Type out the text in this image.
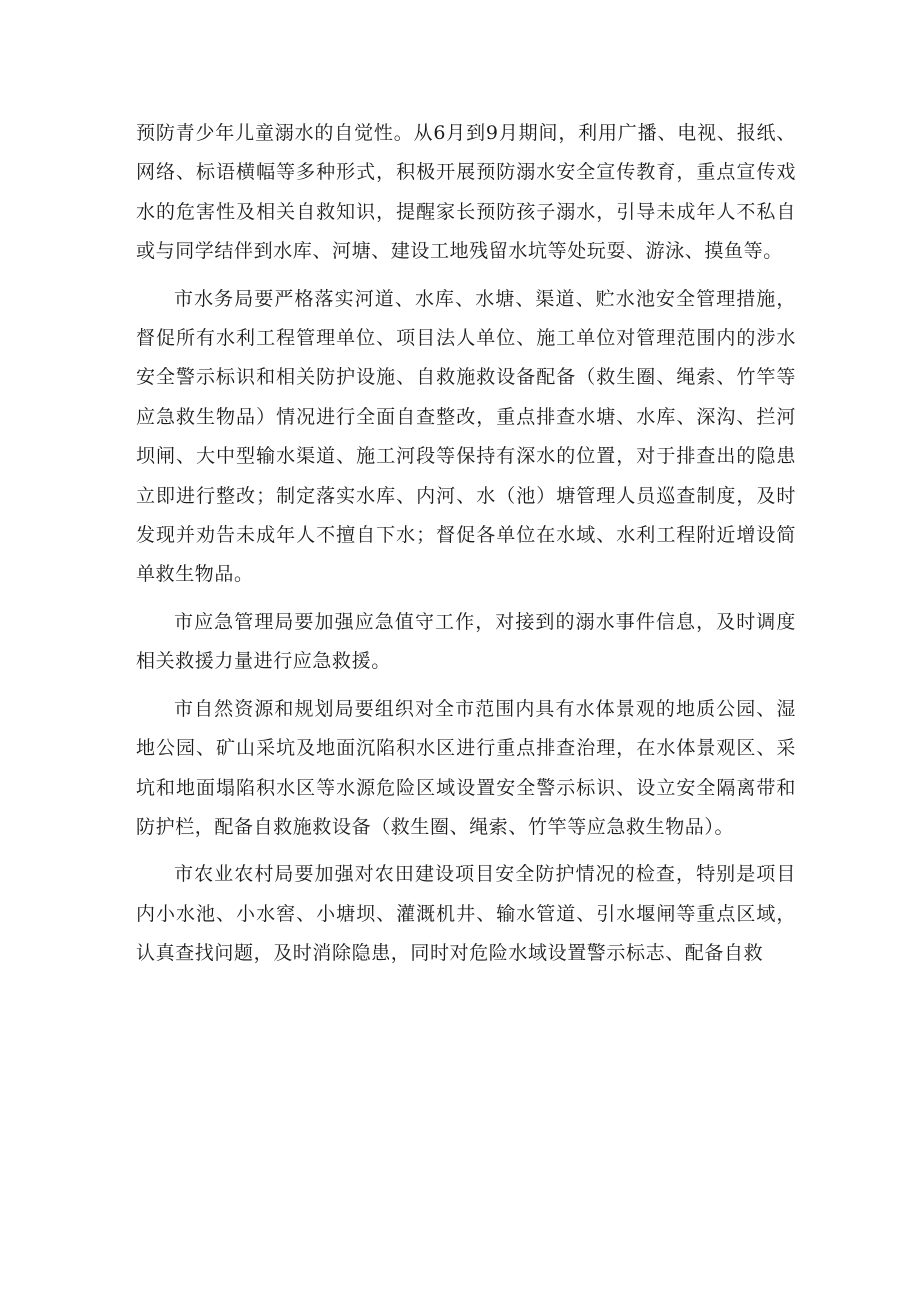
预防青少年儿童溺水的自觉性。从6月到9月期间，利用广播、电视、报纸、网络、标语横幅等多种形式，积极开展预防溺水安全宣传教育，重点宣传戏水的危害性及相关自救知识，提醒家长预防孩子溺水，引导未成年人不私自或与同学结伴到水库、河塘、建设工地残留水坑等处玩耍、游泳、摸鱼等。

市水务局要严格落实河道、水库、水塘、渠道、贮水池安全管理措施，督促所有水利工程管理单位、项目法人单位、施工单位对管理范围内的涉水安全警示标识和相关防护设施、自救施救设备配备（救生圈、绳索、竹竿等应急救生物品）情况进行全面自查整改，重点排查水塘、水库、深沟、拦河坝闸、大中型输水渠道、施工河段等保持有深水的位置，对于排查出的隐患立即进行整改；制定落实水库、内河、水（池）塘管理人员巡查制度，及时发现并劝告未成年人不擅自下水；督促各单位在水域、水利工程附近增设简单救生物品。

市应急管理局要加强应急值守工作，对接到的溺水事件信息，及时调度相关救援力量进行应急救援。

市自然资源和规划局要组织对全市范围内具有水体景观的地质公园、湿地公园、矿山采坑及地面沉陷积水区进行重点排查治理，在水体景观区、采坑和地面塌陷积水区等水源危险区域设置安全警示标识、设立安全隔离带和防护栏，配备自救施救设备（救生圈、绳索、竹竿等应急救生物品）。

市农业农村局要加强对农田建设项目安全防护情况的检查，特别是项目内小水池、小水窖、小塘坝、灌溉机井、输水管道、引水堰闸等重点区域，认真查找问题，及时消除隐患，同时对危险水域设置警示标志、配备自救
